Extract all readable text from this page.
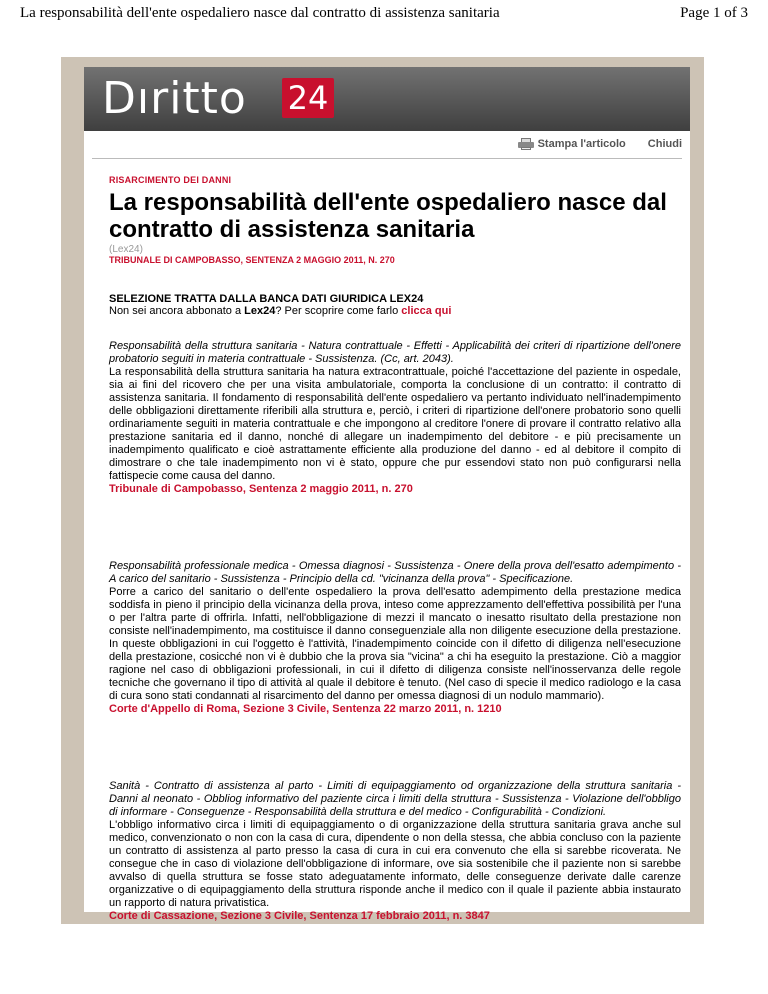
La responsabilità dell'ente ospedaliero nasce dal contratto di assistenza sanitaria	Page 1 of 3
Dıritto 24
Stampa l'articolo Chiudi

RISARCIMENTO DEI DANNI

La responsabilità dell'ente ospedaliero nasce dal contratto di assistenza sanitaria

(Lex24)

TRIBUNALE DI CAMPOBASSO, SENTENZA 2 MAGGIO 2011, N. 270

SELEZIONE TRATTA DALLA BANCA DATI GIURIDICA LEX24

Non sei ancora abbonato a Lex24? Per scoprire come farlo clicca qui

Responsabilità della struttura sanitaria - Natura contrattuale - Effetti - Applicabilità dei criteri di ripartizione dell'onere probatorio seguiti in materia contrattuale - Sussistenza. (Cc, art. 2043).

La responsabilità della struttura sanitaria ha natura extracontrattuale, poiché l'accettazione del paziente in ospedale, sia ai fini del ricovero che per una visita ambulatoriale, comporta la conclusione di un contratto: il contratto di assistenza sanitaria. Il fondamento di responsabilità dell'ente ospedaliero va pertanto individuato nell'inadempimento delle obbligazioni direttamente riferibili alla struttura e, perciò, i criteri di ripartizione dell'onere probatorio sono quelli ordinariamente seguiti in materia contrattuale e che impongono al creditore l'onere di provare il contratto relativo alla prestazione sanitaria ed il danno, nonché di allegare un inadempimento del debitore - e più precisamente un inadempimento qualificato e cioè astrattamente efficiente alla produzione del danno - ed al debitore il compito di dimostrare o che tale inadempimento non vi è stato, oppure che pur essendovi stato non può configurarsi nella fattispecie come causa del danno.

Tribunale di Campobasso, Sentenza 2 maggio 2011, n. 270

Responsabilità professionale medica - Omessa diagnosi - Sussistenza - Onere della prova dell'esatto adempimento - A carico del sanitario - Sussistenza - Principio della cd. "vicinanza della prova" - Specificazione.

Porre a carico del sanitario o dell'ente ospedaliero la prova dell'esatto adempimento della prestazione medica soddisfa in pieno il principio della vicinanza della prova, inteso come apprezzamento dell'effettiva possibilità per l'una o per l'altra parte di offrirla. Infatti, nell'obbligazione di mezzi il mancato o inesatto risultato della prestazione non consiste nell'inadempimento, ma costituisce il danno conseguenziale alla non diligente esecuzione della prestazione. In queste obbligazioni in cui l'oggetto è l'attività, l'inadempimento coincide con il difetto di diligenza nell'esecuzione della prestazione, cosicché non vi è dubbio che la prova sia "vicina" a chi ha eseguito la prestazione. Ciò a maggior ragione nel caso di obbligazioni professionali, in cui il difetto di diligenza consiste nell'inosservanza delle regole tecniche che governano il tipo di attività al quale il debitore è tenuto. (Nel caso di specie il medico radiologo e la casa di cura sono stati condannati al risarcimento del danno per omessa diagnosi di un nodulo mammario).

Corte d'Appello di Roma, Sezione 3 Civile, Sentenza 22 marzo 2011, n. 1210

Sanità - Contratto di assistenza al parto - Limiti di equipaggiamento od organizzazione della struttura sanitaria - Danni al neonato - Obbliog informativo del paziente circa i limiti della struttura - Sussistenza - Violazione dell'obbligo di informare - Conseguenze - Responsabilità della struttura e del medico - Configurabilità - Condizioni.

L'obbligo informativo circa i limiti di equipaggiamento o di organizzazione della struttura sanitaria grava anche sul medico, convenzionato o non con la casa di cura, dipendente o non della stessa, che abbia concluso con la paziente un contratto di assistenza al parto presso la casa di cura in cui era convenuto che ella si sarebbe ricoverata. Ne consegue che in caso di violazione dell'obbligazione di informare, ove sia sostenibile che il paziente non si sarebbe avvalso di quella struttura se fosse stato adeguatamente informato, delle conseguenze derivate dalle carenze organizzative o di equipaggiamento della struttura risponde anche il medico con il quale il paziente abbia instaurato un rapporto di natura privatistica.

Corte di Cassazione, Sezione 3 Civile, Sentenza 17 febbraio 2011, n. 3847
